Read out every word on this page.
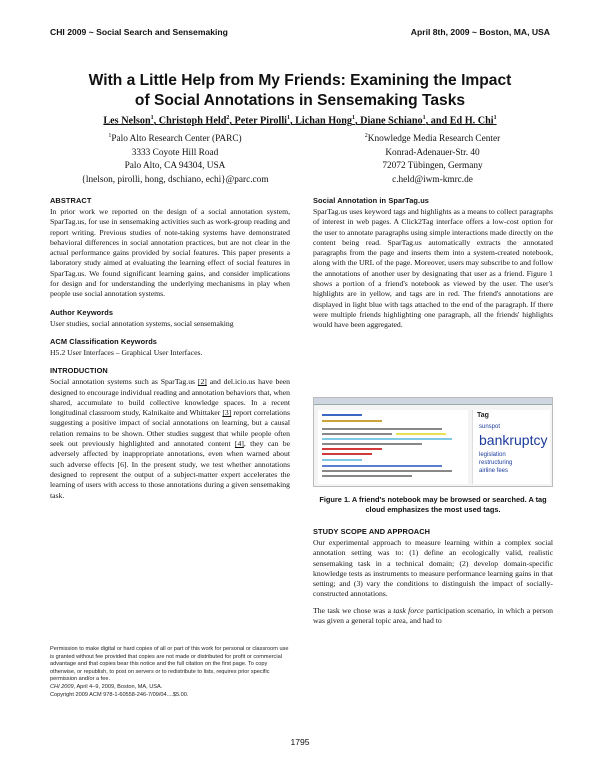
CHI 2009 ~ Social Search and Sensemaking	April 8th, 2009 ~ Boston, MA, USA
With a Little Help from My Friends: Examining the Impact
of Social Annotations in Sensemaking Tasks
Les Nelson$^1$, Christoph Held$^2$, Peter Pirolli$^1$, Lichan Hong$^1$, Diane Schiano$^1$, and Ed H. Chi$^1$
$^1$Palo Alto Research Center (PARC)
3333 Coyote Hill Road
Palo Alto, CA 94304, USA
{lnelson, pirolli, hong, dschiano, echi}@parc.com
$^2$Knowledge Media Research Center
Konrad-Adenauer-Str. 40
72072 Tübingen, Germany
c.held@iwm-kmrc.de
ABSTRACT
In prior work we reported on the design of a social annotation system, SparTag.us, for use in sensemaking activities such as work-group reading and report writing. Previous studies of note-taking systems have demonstrated behavioral differences in social annotation practices, but are not clear in the actual performance gains provided by social features. This paper presents a laboratory study aimed at evaluating the learning effect of social features in SparTag.us. We found significant learning gains, and consider implications for design and for understanding the underlying mechanisms in play when people use social annotation systems.
Author Keywords
User studies, social annotation systems, social sensemaking
ACM Classification Keywords
H5.2 User Interfaces – Graphical User Interfaces.
INTRODUCTION
Social annotation systems such as SparTag.us [2] and del.icio.us have been designed to encourage individual reading and annotation behaviors that, when shared, accumulate to build collective knowledge spaces. In a recent longitudinal classroom study, Kalnikaite and Whittaker [3] report correlations suggesting a positive impact of social annotations on learning, but a causal relation remains to be shown. Other studies suggest that while people often seek out previously highlighted and annotated content [4], they can be adversely affected by inappropriate annotations, even when warned about such adverse effects [6]. In the present study, we test whether annotations designed to represent the output of a subject-matter expert accelerates the learning of users with access to those annotations during a given sensemaking task.
Permission to make digital or hard copies of all or part of this work for personal or classroom use is granted without fee provided that copies are not made or distributed for profit or commercial advantage and that copies bear this notice and the full citation on the first page. To copy otherwise, or republish, to post on servers or to redistribute to lists, requires prior specific permission and/or a fee.
CHI 2009, April 4–9, 2009, Boston, MA, USA.
Copyright 2009 ACM 978-1-60558-246-7/09/04....$5.00.
Social Annotation in SparTag.us
SparTag.us uses keyword tags and highlights as a means to collect paragraphs of interest in web pages. A Click2Tag interface offers a low-cost option for the user to annotate paragraphs using simple interactions made directly on the content being read. SparTag.us automatically extracts the annotated paragraphs from the page and inserts them into a system-created notebook, along with the URL of the page. Moreover, users may subscribe to and follow the annotations of another user by designating that user as a friend. Figure 1 shows a portion of a friend's notebook as viewed by the user. The user's highlights are in yellow, and tags are in red. The friend's annotations are displayed in light blue with tags attached to the end of the paragraph. If there were multiple friends highlighting one paragraph, all the friends' highlights would have been aggregated.
Tag
sunspot
bankruptcy
legislation
restructuring
airline fees
Figure 1. A friend's notebook may be browsed or searched. A tag cloud emphasizes the most used tags.
STUDY SCOPE AND APPROACH
Our experimental approach to measure learning within a complex social annotation setting was to: (1) define an ecologically valid, realistic sensemaking task in a technical domain; (2) develop domain-specific knowledge tests as instruments to measure performance learning gains in that setting; and (3) vary the conditions to distinguish the impact of socially-constructed annotations.
The task we chose was a task force participation scenario, in which a person was given a general topic area, and had to
1795
